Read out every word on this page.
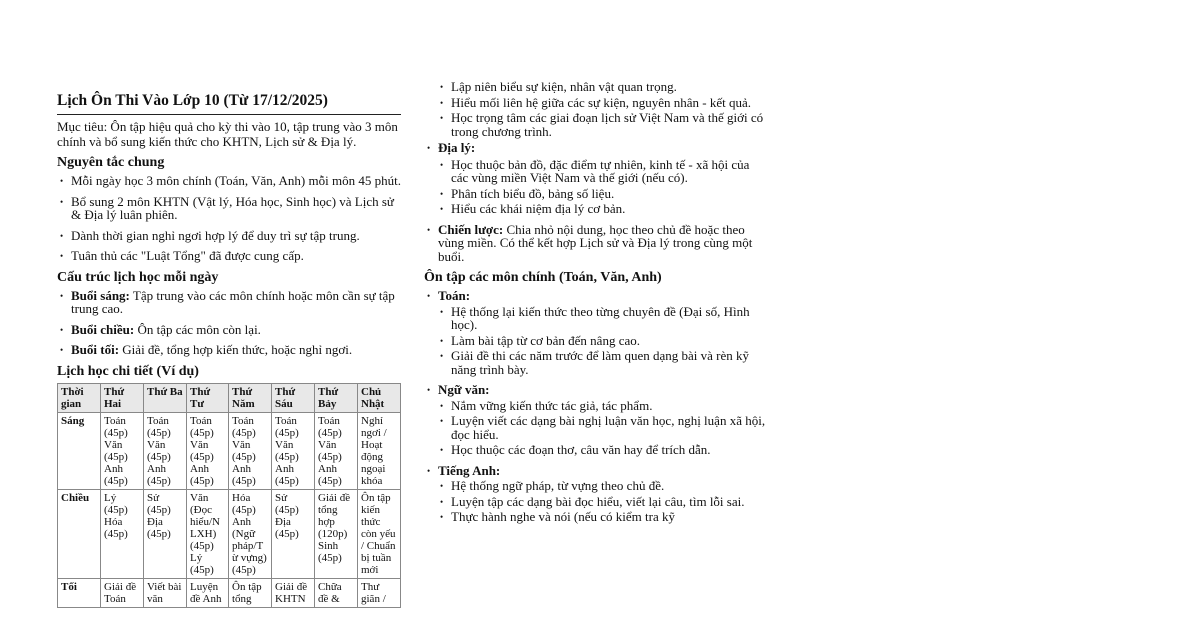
Lịch Ôn Thi Vào Lớp 10 (Từ 17/12/2025)

Mục tiêu: Ôn tập hiệu quả cho kỳ thi vào 10, tập trung vào 3 môn chính và bổ sung kiến thức cho KHTN, Lịch sử & Địa lý.

Nguyên tắc chung
• Mỗi ngày học 3 môn chính (Toán, Văn, Anh) mỗi môn 45 phút.
• Bổ sung 2 môn KHTN (Vật lý, Hóa học, Sinh học) và Lịch sử & Địa lý luân phiên.
• Dành thời gian nghỉ ngơi hợp lý để duy trì sự tập trung.
• Tuân thủ các "Luật Tổng" đã được cung cấp.
Cấu trúc lịch học mỗi ngày
• Buổi sáng: Tập trung vào các môn chính hoặc môn cần sự tập trung cao.
• Buổi chiều: Ôn tập các môn còn lại.
• Buổi tối: Giải đề, tổng hợp kiến thức, hoặc nghỉ ngơi.
Lịch học chi tiết (Ví dụ)
Thời gian	Thứ Hai	Thứ Ba	Thứ Tư	Thứ Năm	Thứ Sáu	Thứ Bảy	Chủ Nhật
Sáng	Toán (45p) Văn (45p) Anh (45p)	Toán (45p) Văn (45p) Anh (45p)	Toán (45p) Văn (45p) Anh (45p)	Toán (45p) Văn (45p) Anh (45p)	Toán (45p) Văn (45p) Anh (45p)	Toán (45p) Văn (45p) Anh (45p)	Nghỉ ngơi / Hoạt động ngoại khóa
Chiều	Lý (45p) Hóa (45p)	Sử (45p) Địa (45p)	Văn (Đọc hiểu/N LXH) (45p) Lý (45p)	Hóa (45p) Anh (Ngữ pháp/T ừ vựng) (45p)	Sử (45p) Địa (45p)	Giải đề tổng hợp (120p) Sinh (45p)	Ôn tập kiến thức còn yếu / Chuẩn bị tuần mới
Tối	Giải đề Toán	Viết bài văn	Luyện đề Anh	Ôn tập tổng	Giải đề KHTN	Chữa đề &	Thư giãn /
• Lập niên biểu sự kiện, nhân vật quan trọng.
• Hiểu mối liên hệ giữa các sự kiện, nguyên nhân - kết quả.
• Học trọng tâm các giai đoạn lịch sử Việt Nam và thế giới có trong chương trình.
• Địa lý:
• Học thuộc bản đồ, đặc điểm tự nhiên, kinh tế - xã hội của các vùng miền Việt Nam và thế giới (nếu có).
• Phân tích biểu đồ, bảng số liệu.
• Hiểu các khái niệm địa lý cơ bản.
• Chiến lược: Chia nhỏ nội dung, học theo chủ đề hoặc theo vùng miền. Có thể kết hợp Lịch sử và Địa lý trong cùng một buổi.
Ôn tập các môn chính (Toán, Văn, Anh)
• Toán:
• Hệ thống lại kiến thức theo từng chuyên đề (Đại số, Hình học).
• Làm bài tập từ cơ bản đến nâng cao.
• Giải đề thi các năm trước để làm quen dạng bài và rèn kỹ năng trình bày.
• Ngữ văn:
• Nắm vững kiến thức tác giả, tác phẩm.
• Luyện viết các dạng bài nghị luận văn học, nghị luận xã hội, đọc hiểu.
• Học thuộc các đoạn thơ, câu văn hay để trích dẫn.
• Tiếng Anh:
• Hệ thống ngữ pháp, từ vựng theo chủ đề.
• Luyện tập các dạng bài đọc hiểu, viết lại câu, tìm lỗi sai.
• Thực hành nghe và nói (nếu có kiểm tra kỹ
